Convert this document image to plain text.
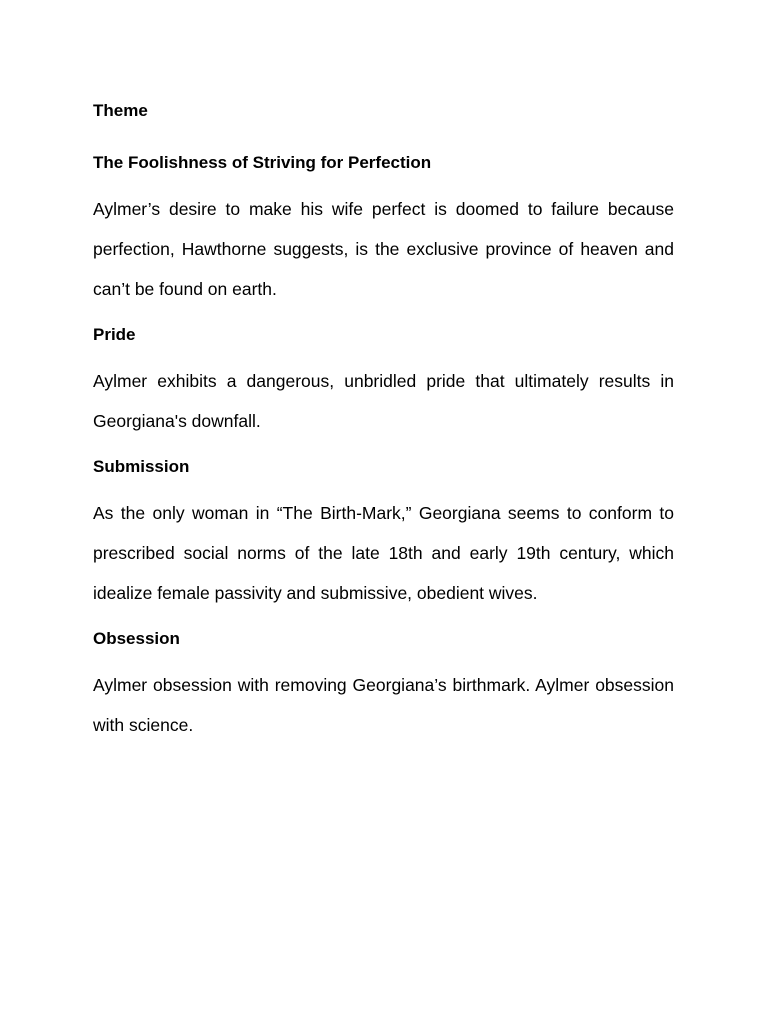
Theme

The Foolishness of Striving for Perfection

Aylmer’s desire to make his wife perfect is doomed to failure because perfection, Hawthorne suggests, is the exclusive province of heaven and can’t be found on earth.

Pride

Aylmer exhibits a dangerous, unbridled pride that ultimately results in Georgiana's downfall.

Submission

As the only woman in “The Birth-Mark,” Georgiana seems to conform to prescribed social norms of the late 18th and early 19th century, which idealize female passivity and submissive, obedient wives.

Obsession

Aylmer obsession with removing Georgiana’s birthmark. Aylmer obsession with science.
